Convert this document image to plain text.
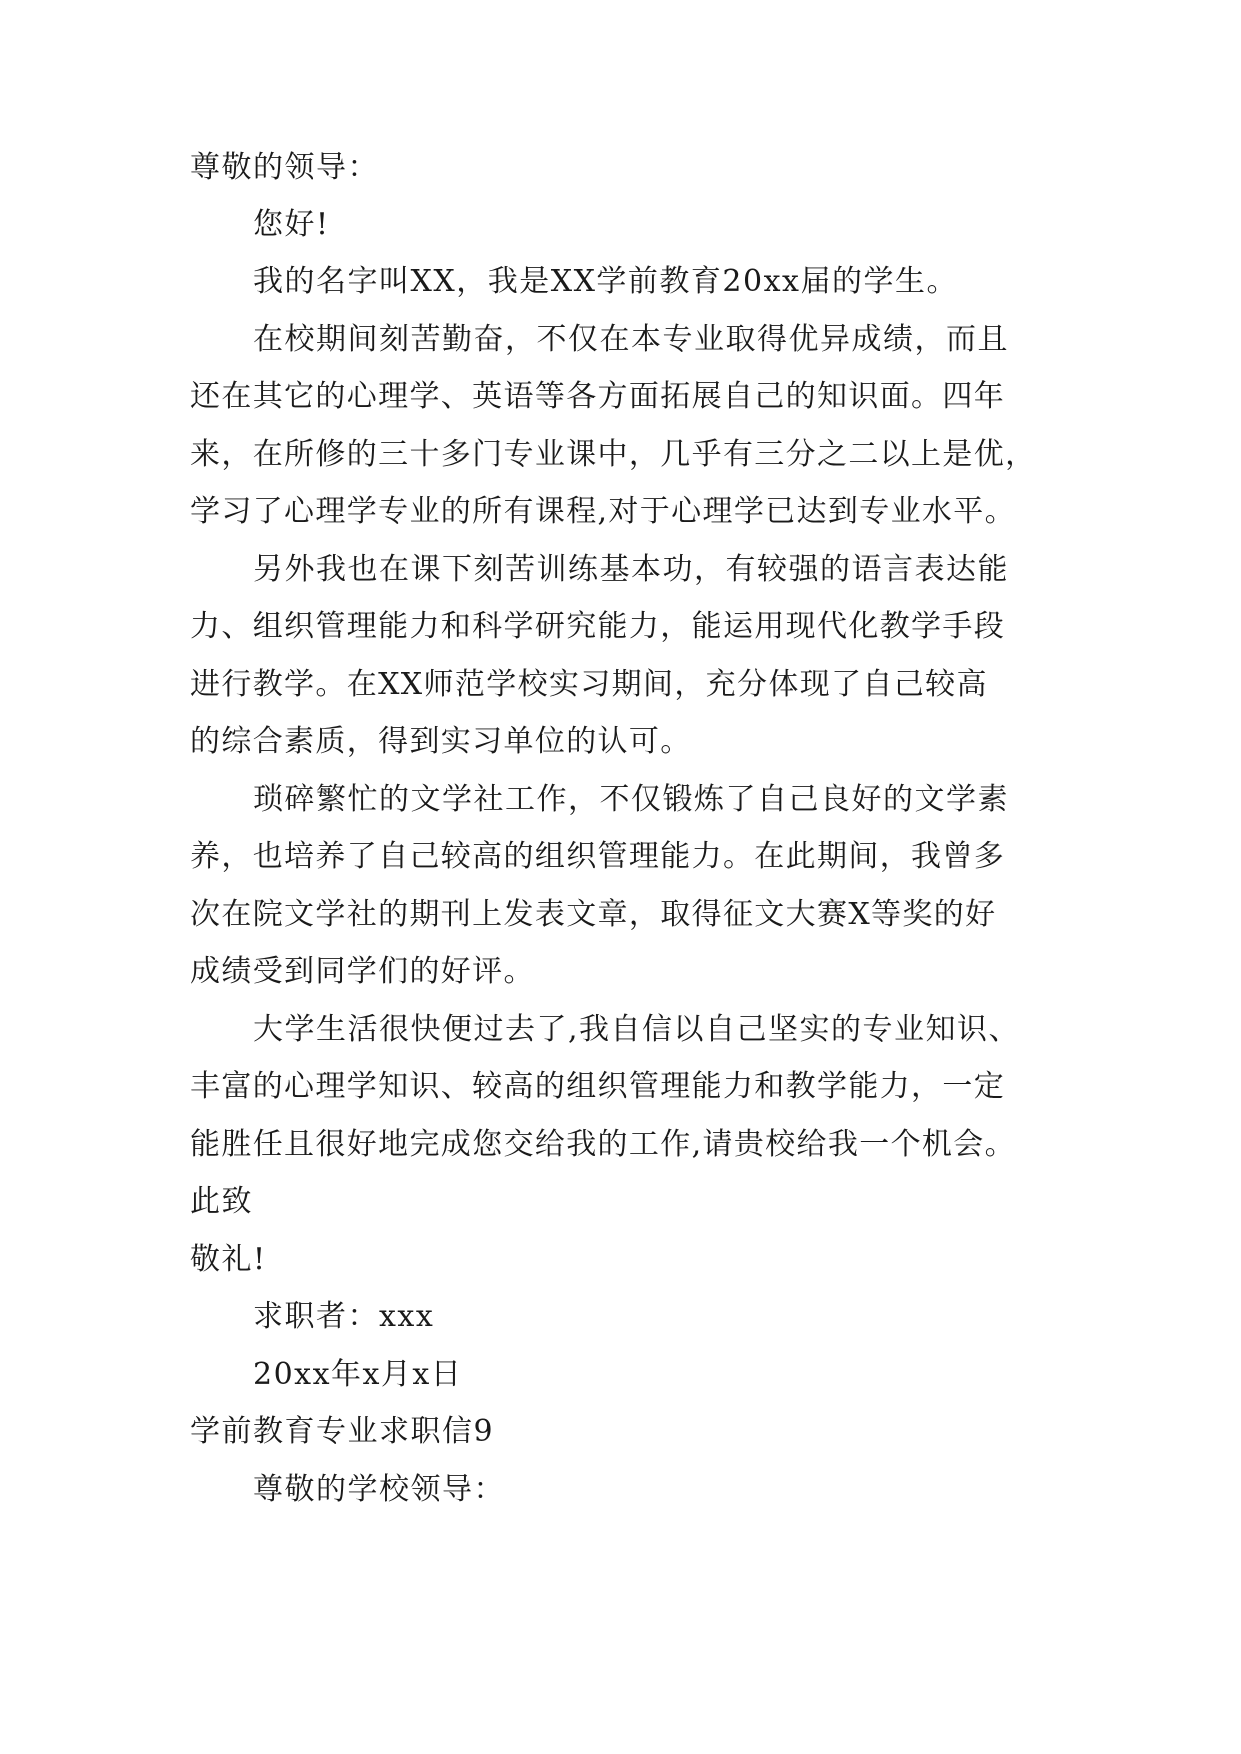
尊敬的领导：
您好!
我的名字叫XX，我是XX学前教育20xx届的学生。
在校期间刻苦勤奋，不仅在本专业取得优异成绩，而且
还在其它的心理学、英语等各方面拓展自己的知识面。四年
来，在所修的三十多门专业课中，几乎有三分之二以上是优，
学习了心理学专业的所有课程,对于心理学已达到专业水平。
另外我也在课下刻苦训练基本功，有较强的语言表达能
力、组织管理能力和科学研究能力，能运用现代化教学手段
进行教学。在XX师范学校实习期间，充分体现了自己较高
的综合素质，得到实习单位的认可。
琐碎繁忙的文学社工作，不仅锻炼了自己良好的文学素
养，也培养了自己较高的组织管理能力。在此期间，我曾多
次在院文学社的期刊上发表文章，取得征文大赛X等奖的好
成绩受到同学们的好评。
大学生活很快便过去了,我自信以自己坚实的专业知识、
丰富的心理学知识、较高的组织管理能力和教学能力，一定
能胜任且很好地完成您交给我的工作,请贵校给我一个机会。
此致
敬礼!
求职者：xxx
20xx年x月x日
学前教育专业求职信9
尊敬的学校领导：
